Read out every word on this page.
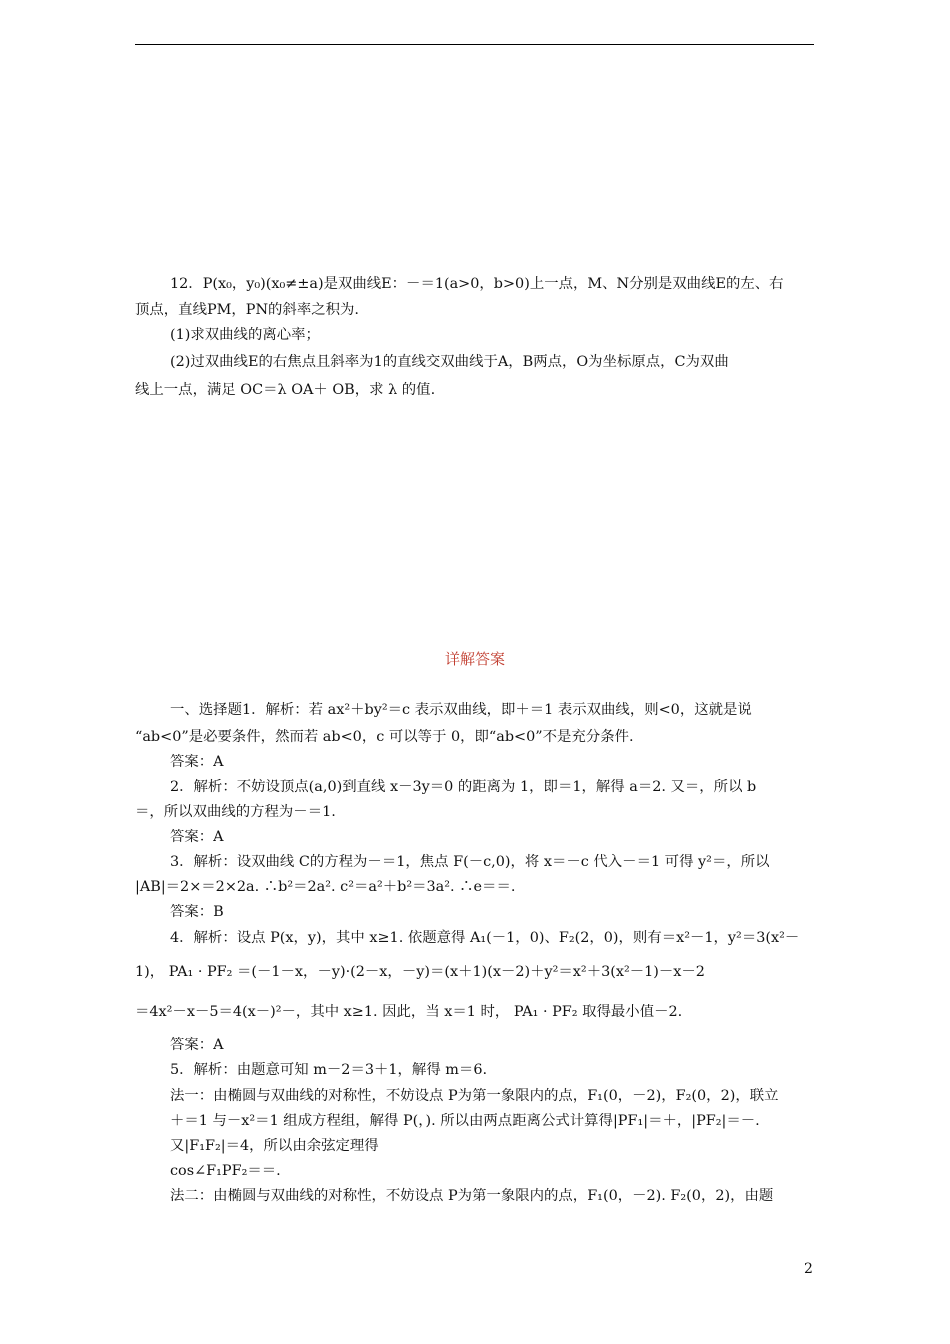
12．P(x₀，y₀)(x₀≠±a)是双曲线E：－＝1(a>0，b>0)上一点，M、N分别是双曲线E的左、右
顶点，直线PM，PN的斜率之积为.
(1)求双曲线的离心率；
(2)过双曲线E的右焦点且斜率为1的直线交双曲线于A，B两点，O为坐标原点，C为双曲
线上一点，满足 OC＝λ OA＋ OB，求 λ 的值.
详解答案
一、选择题1．解析：若 ax²＋by²＝c 表示双曲线，即＋＝1 表示双曲线，则<0，这就是说
“ab<0”是必要条件，然而若 ab<0，c 可以等于 0，即“ab<0”不是充分条件.
答案：A
2．解析：不妨设顶点(a,0)到直线 x－3y＝0 的距离为 1，即＝1，解得 a＝2. 又＝，所以 b
＝，所以双曲线的方程为－＝1.
答案：A
3．解析：设双曲线 C的方程为－＝1，焦点 F(－c,0)，将 x＝－c 代入－＝1 可得 y²＝，所以
|AB|＝2×＝2×2a. ∴b²＝2a². c²＝a²＋b²＝3a². ∴e＝＝.
答案：B
4．解析：设点 P(x，y)，其中 x≥1. 依题意得 A₁(－1，0)、F₂(2，0)，则有＝x²－1，y²＝3(x²－
1)， PA₁ · PF₂ ＝(－1－x，－y)·(2－x，－y)＝(x＋1)(x－2)＋y²＝x²＋3(x²－1)－x－2
＝4x²－x－5＝4(x－)²－，其中 x≥1. 因此，当 x＝1 时， PA₁ · PF₂ 取得最小值－2.
答案：A
5．解析：由题意可知 m－2＝3＋1，解得 m＝6.
法一：由椭圆与双曲线的对称性，不妨设点 P为第一象限内的点，F₁(0，－2)，F₂(0，2)，联立
＋＝1 与－x²＝1 组成方程组，解得 P(，). 所以由两点距离公式计算得|PF₁|＝＋，|PF₂|＝－.
又|F₁F₂|＝4，所以由余弦定理得
cos∠F₁PF₂＝＝.
法二：由椭圆与双曲线的对称性，不妨设点 P为第一象限内的点，F₁(0，－2). F₂(0，2)，由题
2
